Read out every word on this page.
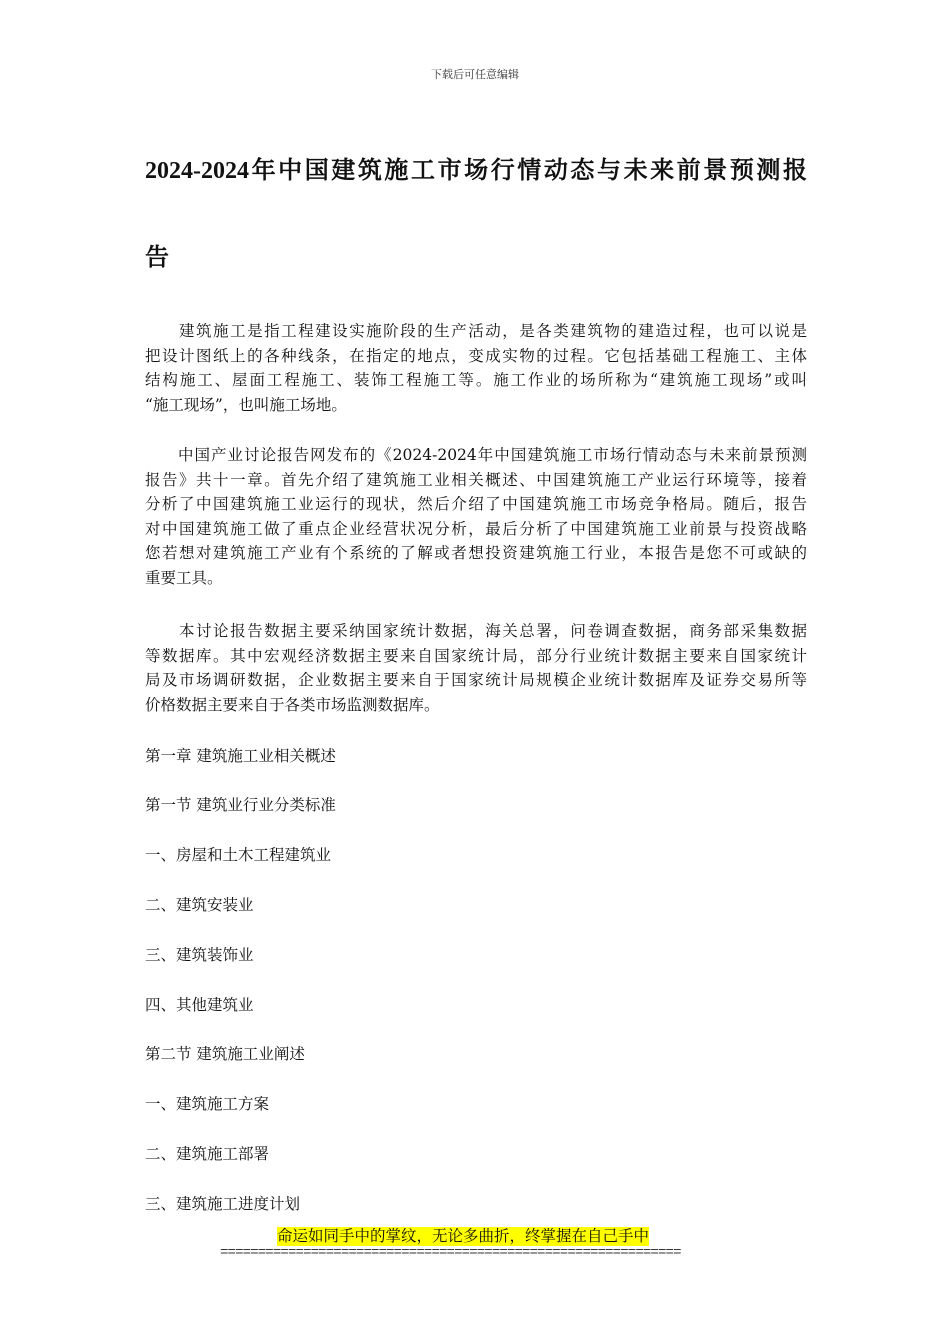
下载后可任意编辑
2024-2024年中国建筑施工市场行情动态与未来前景预测报
告
　　建筑施工是指工程建设实施阶段的生产活动，是各类建筑物的建造过程，也可以说是
把设计图纸上的各种线条，在指定的地点，变成实物的过程。它包括基础工程施工、主体
结构施工、屋面工程施工、装饰工程施工等。施工作业的场所称为“建筑施工现场”或叫
“施工现场”，也叫施工场地。
　　中国产业讨论报告网发布的《2024-2024年中国建筑施工市场行情动态与未来前景预测
报告》共十一章。首先介绍了建筑施工业相关概述、中国建筑施工产业运行环境等，接着
分析了中国建筑施工业运行的现状，然后介绍了中国建筑施工市场竞争格局。随后，报告
对中国建筑施工做了重点企业经营状况分析，最后分析了中国建筑施工业前景与投资战略
您若想对建筑施工产业有个系统的了解或者想投资建筑施工行业，本报告是您不可或缺的
重要工具。
　　本讨论报告数据主要采纳国家统计数据，海关总署，问卷调查数据，商务部采集数据
等数据库。其中宏观经济数据主要来自国家统计局，部分行业统计数据主要来自国家统计
局及市场调研数据，企业数据主要来自于国家统计局规模企业统计数据库及证券交易所等
价格数据主要来自于各类市场监测数据库。
第一章 建筑施工业相关概述
第一节 建筑业行业分类标准
一、房屋和土木工程建筑业
二、建筑安装业
三、建筑装饰业
四、其他建筑业
第二节 建筑施工业阐述
一、建筑施工方案
二、建筑施工部署
三、建筑施工进度计划
命运如同手中的掌纹，无论多曲折，终掌握在自己手中
=============================================================
